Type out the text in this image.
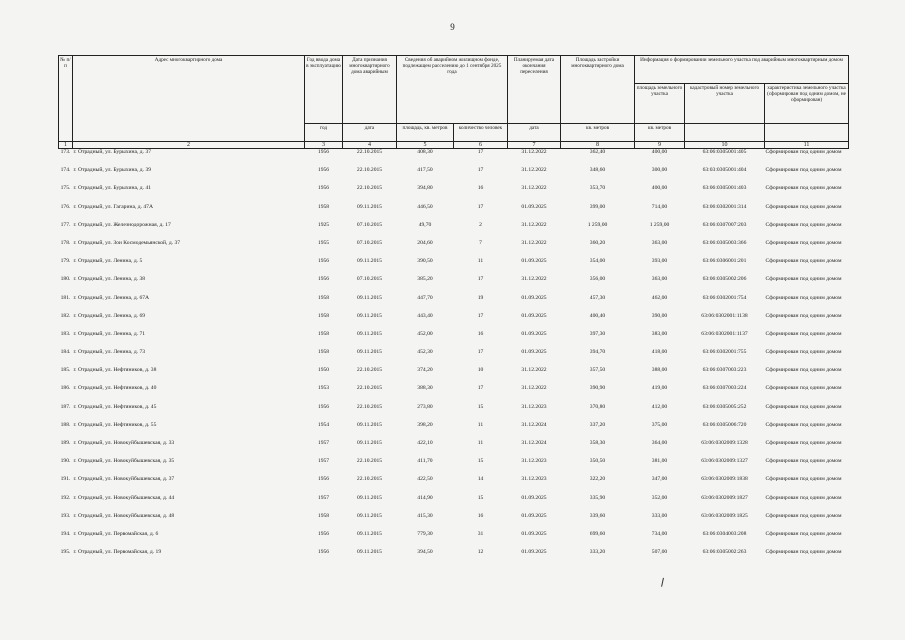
9
№ п/п	Адрес многоквартирного дома	Год ввода дома в эксплуатацию	Дата признания многоквартирного дома аварийным	Сведения об аварийном жилищном фонде, подлежащем расселению до 1 сентября 2025 года		Планируемая дата окончания переселения	Площадь застройки многоквартирного дома	Информация о формировании земельного участка под аварийным многоквартирным домом		
								площадь земельного участка	кадастровый номер земельного участка	характеристика земельного участка (сформирован под одним домом, не сформирован)
		год	дата	площадь, кв. метров	количество человек	дата	кв. метров	кв. метров		
1	2	3	4	5	6	7	8	9	10	11
173.	г. Отрадный, ул. Бурыхина, д. 37	1956	22.10.2015	408,30	17	31.12.2022	362,40	400,00	63:06:0305001:405	Сформирован под одним домом
174.	г. Отрадный, ул. Бурыхина, д. 39	1956	22.10.2015	417,50	17	31.12.2022	348,60	300,00	63:03:0305001:404	Сформирован под одним домом
175.	г. Отрадный, ул. Бурыхина, д. 41	1956	22.10.2015	394,80	16	31.12.2022	353,70	400,00	63:06:0305001:403	Сформирован под одним домом
176.	г. Отрадный, ул. Гагарина, д. 47А	1958	09.11.2015	446,50	17	01.09.2025	399,00	714,00	63:06:0302001:314	Сформирован под одним домом
177.	г. Отрадный, ул. Железнодорожная, д. 17	1925	07.10.2015	49,70	2	31.12.2022	1 259,00	1 259,00	63:06:0307007:203	Сформирован под одним домом
178.	г. Отрадный, ул. Зои Космодемьянской, д. 37	1955	07.10.2015	204,60	7	31.12.2022	360,20	363,00	63:06:0305003:366	Сформирован под одним домом
179.	г. Отрадный, ул. Ленина, д. 5	1956	09.11.2015	390,50	11	01.09.2025	354,00	393,00	63:06:0306001:201	Сформирован под одним домом
180.	г. Отрадный, ул. Ленина, д. 38	1956	07.10.2015	385,20	17	31.12.2022	356,00	363,00	63:06:0305002:206	Сформирован под одним домом
181.	г. Отрадный, ул. Ленина, д. 67А	1958	09.11.2015	447,70	19	01.09.2025	457,30	462,00	63:06:0302001:754	Сформирован под одним домом
182.	г. Отрадный, ул. Ленина, д. 69	1958	09.11.2015	443,40	17	01.09.2025	400,40	390,00	63:06:0302001:1138	Сформирован под одним домом
183.	г. Отрадный, ул. Ленина, д. 71	1958	09.11.2015	452,00	16	01.09.2025	397,30	383,00	63:06:0302001:1137	Сформирован под одним домом
184.	г. Отрадный, ул. Ленина, д. 73	1958	09.11.2015	452,30	17	01.09.2025	394,70	418,00	63:06:0302001:755	Сформирован под одним домом
185.	г. Отрадный, ул. Нефтяников, д. 38	1950	22.10.2015	374,20	10	31.12.2022	357,50	388,00	63:06:0307003:223	Сформирован под одним домом
186.	г. Отрадный, ул. Нефтяников, д. 40	1953	22.10.2015	388,30	17	31.12.2022	390,90	419,00	63:06:0307003:224	Сформирован под одним домом
187.	г. Отрадный, ул. Нефтяников, д. 45	1956	22.10.2015	273,80	15	31.12.2023	370,80	412,00	63:06:0305005:252	Сформирован под одним домом
188.	г. Отрадный, ул. Нефтяников, д. 55	1954	09.11.2015	398,20	11	31.12.2024	337,20	375,00	63:06:0305006:720	Сформирован под одним домом
189.	г. Отрадный, ул. Новокуйбышевская, д. 33	1957	09.11.2015	422,10	11	31.12.2024	358,30	364,00	63:06:0302009:1328	Сформирован под одним домом
190.	г. Отрадный, ул. Новокуйбышевская, д. 35	1957	22.10.2015	411,70	15	31.12.2023	350,50	381,00	63:06:0302009:1327	Сформирован под одним домом
191.	г. Отрадный, ул. Новокуйбышевская, д. 37	1956	22.10.2015	422,50	14	31.12.2023	322,20	347,00	63:06:0302009:1838	Сформирован под одним домом
192.	г. Отрадный, ул. Новокуйбышевская, д. 44	1957	09.11.2015	414,90	15	01.09.2025	335,90	352,00	63:06:0302009:1827	Сформирован под одним домом
193.	г. Отрадный, ул. Новокуйбышевская, д. 48	1958	09.11.2015	415,30	16	01.09.2025	339,60	333,00	63:06:0302009:1825	Сформирован под одним домом
194.	г. Отрадный, ул. Первомайская, д. 6	1956	09.11.2015	779,30	31	01.09.2025	699,60	734,00	63:06:0304003:208	Сформирован под одним домом
195.	г. Отрадный, ул. Первомайская, д. 19	1956	09.11.2015	394,50	12	01.09.2025	333,20	507,00	63:06:0305002:263	Сформирован под одним домом
